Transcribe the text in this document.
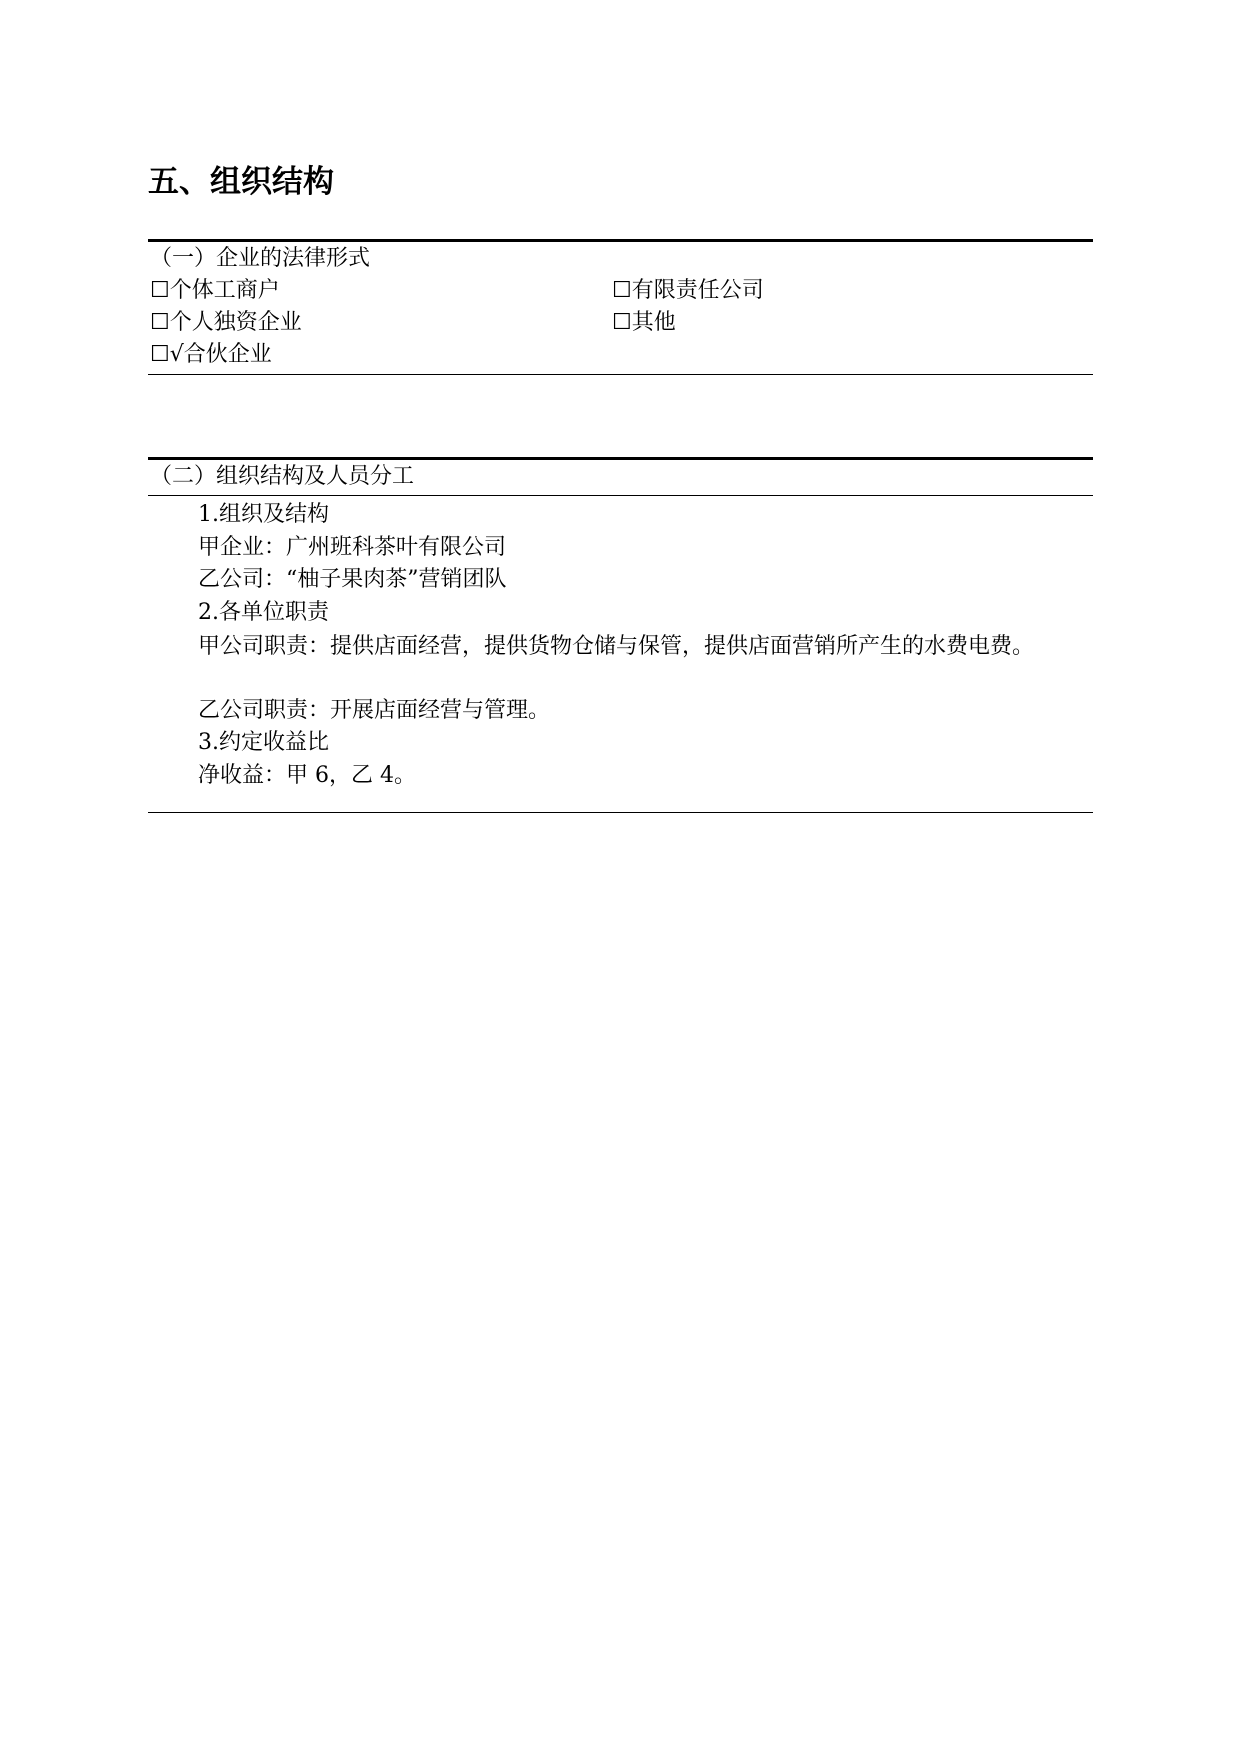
五、组织结构
（一）企业的法律形式
☐个体工商户	☐有限责任公司
☐个人独资企业	☐其他
☐√合伙企业
（二）组织结构及人员分工
1.组织及结构
甲企业：广州班科茶叶有限公司
乙公司：“柚子果肉茶”营销团队
2.各单位职责
甲公司职责：提供店面经营，提供货物仓储与保管，提供店面营销所产生的水费电费。
乙公司职责：开展店面经营与管理。
3.约定收益比
净收益：甲 6，乙 4。
